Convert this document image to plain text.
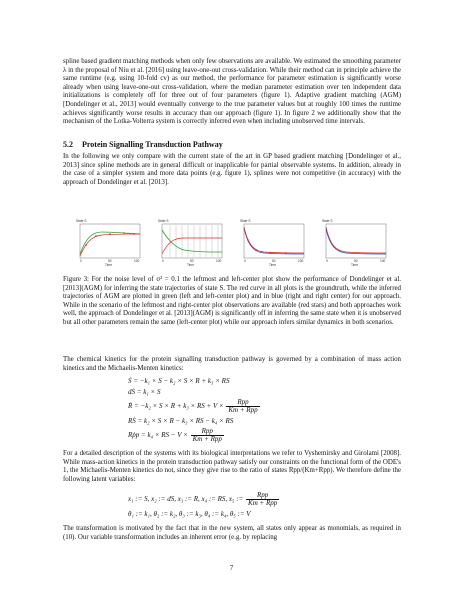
spline based gradient matching methods when only few observations are available. We estimated the smoothing parameter λ in the proposal of Niu et al. [2016] using leave-one-out cross-validation. While their method can in principle achieve the same runtime (e.g. using 10-fold cv) as our method, the performance for parameter estimation is significantly worse already when using leave-one-out cross-validation, where the median parameter estimation over ten independent data initializations is completely off for three out of four parameters (figure 1). Adaptive gradient matching (AGM) [Dondelinger et al., 2013] would eventually converge to the true parameter values but at roughly 100 times the runtime achieves significantly worse results in accuracy than our approach (figure 1). In figure 2 we additionally show that the mechanism of the Lotka-Volterra system is correctly inferred even when including unobserved time intervals.

5.2 Protein Signalling Transduction Pathway

In the following we only compare with the current state of the art in GP based gradient matching [Dondelinger et al., 2013] since spline methods are in general difficult or inapplicable for partial observable systems. In addition, already in the case of a simpler system and more data points (e.g. figure 1), splines were not competitive (in accuracy) with the approach of Dondelinger et al. [2013].

State S
0	50	100
Time
State S
0	50	100
Time
State S
0	50	100
Time
State S
0	50	100
Time

Figure 3: For the noise level of σ² = 0.1 the leftmost and left-center plot show the performance of Dondelinger et al. [2013](AGM) for inferring the state trajectories of state S. The red curve in all plots is the groundtruth, while the inferred trajectories of AGM are plotted in green (left and left-center plot) and in blue (right and right center) for our approach. While in the scenario of the leftmost and right-center plot observations are available (red stars) and both approaches work well, the approach of Dondelinger et al. [2013](AGM) is significantly off in inferring the same state when it is unobserved but all other parameters remain the same (left-center plot) while our approach infers similar dynamics in both scenarios.

The chemical kinetics for the protein signalling transduction pathway is governed by a combination of mass action kinetics and the Michaelis-Menten kinetics:

Ṡ = −k₁ × S − k₂ × S × R + k₃ × RS
dṠ = k₁ × S
Ṙ = −k₂ × S × R + k₃ × RS + $V \times \frac{\text{Rpp}}{\text{Km + Rpp}}$
RṠ = k₂ × S × R − k₃ × RS − k₄ × RS
Rṗp = k₄ × RS − $V \times \frac{\text{Rpp}}{\text{Km + Rpp}}$

For a detailed description of the systems with its biological interpretations we refer to Vyshemirsky and Girolami [2008]. While mass-action kinetics in the protein transduction pathway satisfy our constraints on the functional form of the ODE's 1, the Michaelis-Menten kinetics do not, since they give rise to the ratio of states Rpp/(Km+Rpp). We therefore define the following latent variables:

x₁ := S, x₂ := dS, x₃ := R, x₄ := RS, x₅ := $\frac{\text{Rpp}}{\text{Km + Rpp}}$
θ₁ := k₁, θ₂ := k₂, θ₃ := k₃, θ₄ := k₄, θ₅ := V

The transformation is motivated by the fact that in the new system, all states only appear as monomials, as required in (10). Our variable transformation includes an inherent error (e.g. by replacing

7
